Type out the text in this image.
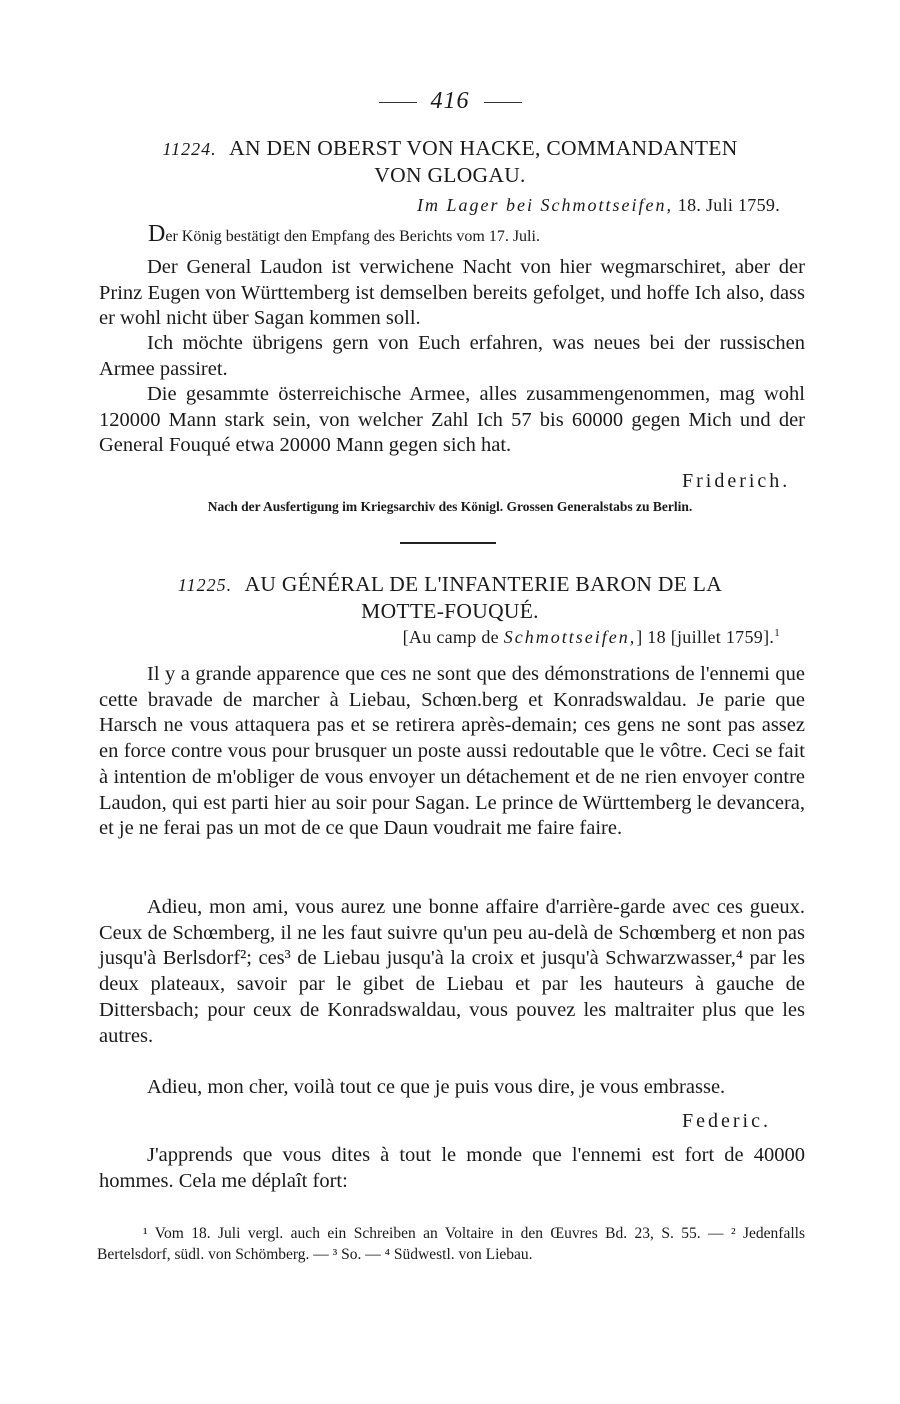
416
11224. AN DEN OBERST VON HACKE, COMMANDANTEN
VON GLOGAU.
Im Lager bei Schmottseifen, 18. Juli 1759.
Der König bestätigt den Empfang des Berichts vom 17. Juli.

Der General Laudon ist verwichene Nacht von hier wegmarschiret, aber der Prinz Eugen von Württemberg ist demselben bereits gefolget, und hoffe Ich also, dass er wohl nicht über Sagan kommen soll.

Ich möchte übrigens gern von Euch erfahren, was neues bei der russischen Armee passiret.

Die gesammte österreichische Armee, alles zusammengenommen, mag wohl 120000 Mann stark sein, von welcher Zahl Ich 57 bis 60000 gegen Mich und der General Fouqué etwa 20000 Mann gegen sich hat.

Friderich.
Nach der Ausfertigung im Kriegsarchiv des Königl. Grossen Generalstabs zu Berlin.
11225. AU GÉNÉRAL DE L'INFANTERIE BARON DE LA
MOTTE-FOUQUÉ.
[Au camp de Schmottseifen,] 18 [juillet 1759].$^1$

Il y a grande apparence que ces ne sont que des démonstrations de l'ennemi que cette bravade de marcher à Liebau, Schœn.berg et Konradswaldau. Je parie que Harsch ne vous attaquera pas et se retirera après-demain; ces gens ne sont pas assez en force contre vous pour brusquer un poste aussi redoutable que le vôtre. Ceci se fait à intention de m'obliger de vous envoyer un détachement et de ne rien envoyer contre Laudon, qui est parti hier au soir pour Sagan. Le prince de Württemberg le devancera, et je ne ferai pas un mot de ce que Daun voudrait me faire faire.

Adieu, mon ami, vous aurez une bonne affaire d'arrière-garde avec ces gueux. Ceux de Schœmberg, il ne les faut suivre qu'un peu au-delà de Schœmberg et non pas jusqu'à Berlsdorf²; ces³ de Liebau jusqu'à la croix et jusqu'à Schwarzwasser,⁴ par les deux plateaux, savoir par le gibet de Liebau et par les hauteurs à gauche de Dittersbach; pour ceux de Konradswaldau, vous pouvez les maltraiter plus que les autres.

Adieu, mon cher, voilà tout ce que je puis vous dire, je vous embrasse.

Federic.

J'apprends que vous dites à tout le monde que l'ennemi est fort de 40000 hommes. Cela me déplaît fort:

¹ Vom 18. Juli vergl. auch ein Schreiben an Voltaire in den Œuvres Bd. 23, S. 55. — ² Jedenfalls Bertelsdorf, südl. von Schömberg. — ³ So. — ⁴ Südwestl. von Liebau.
